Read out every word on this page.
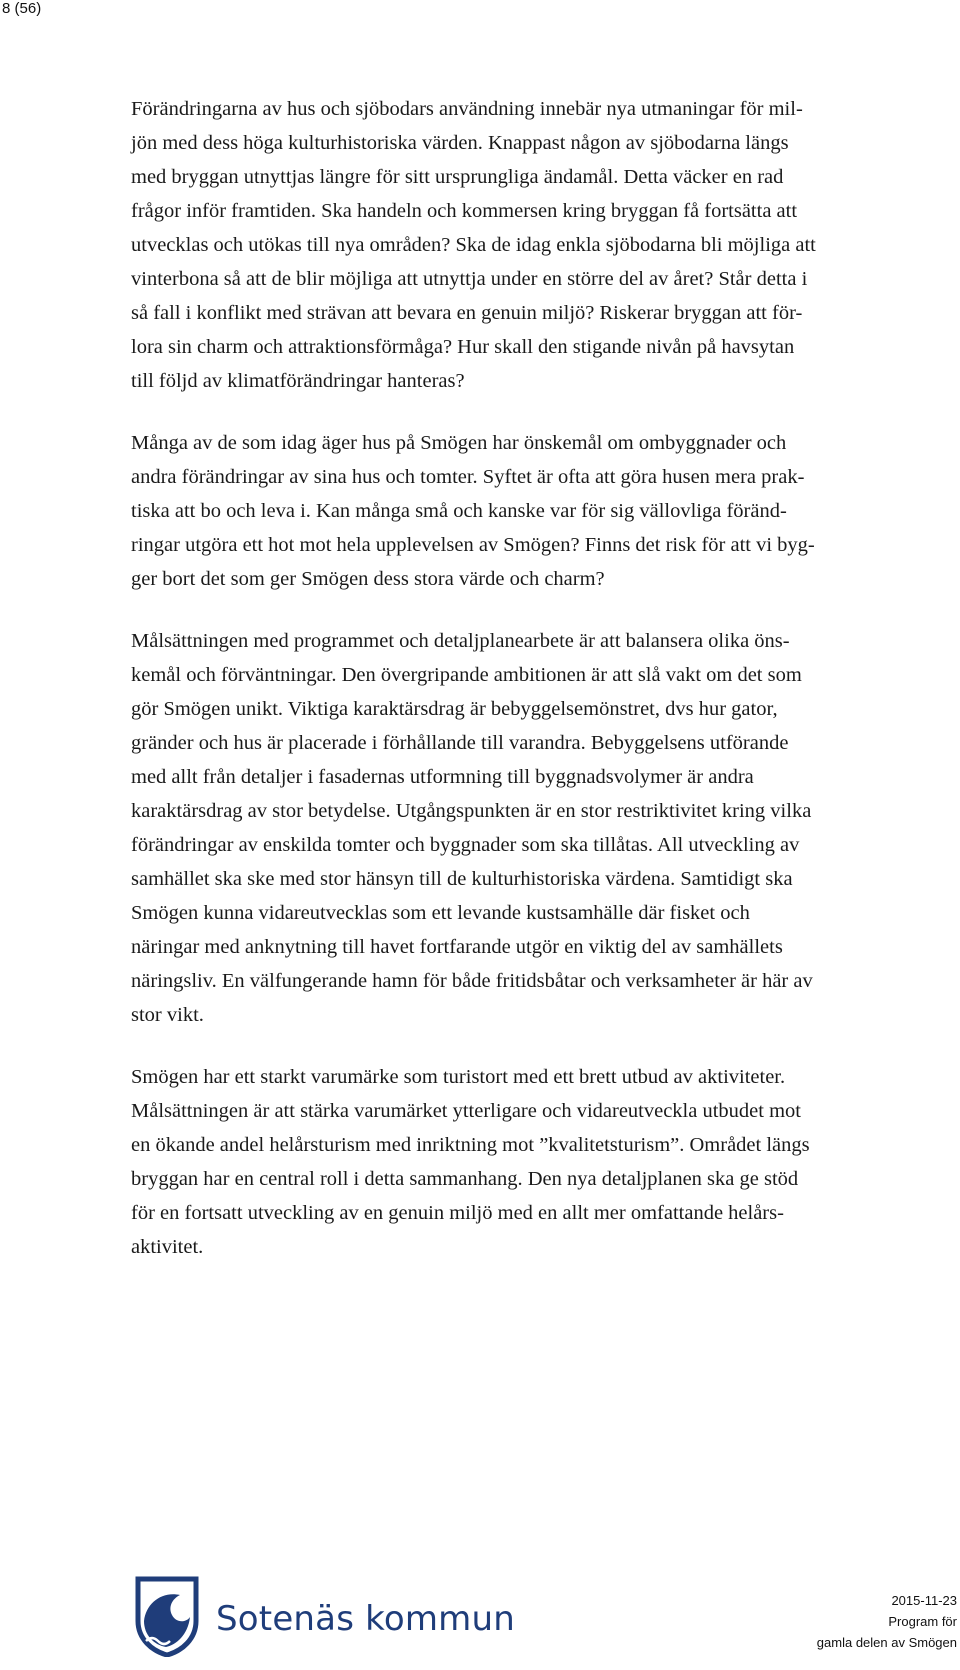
8 (56)
Förändringarna av hus och sjöbodars användning innebär nya utmaningar för mil-
jön med dess höga kulturhistoriska värden. Knappast någon av sjöbodarna längs
med bryggan utnyttjas längre för sitt ursprungliga ändamål. Detta väcker en rad
frågor inför framtiden. Ska handeln och kommersen kring bryggan få fortsätta att
utvecklas och utökas till nya områden? Ska de idag enkla sjöbodarna bli möjliga att
vinterbona så att de blir möjliga att utnyttja under en större del av året? Står detta i
så fall i konflikt med strävan att bevara en genuin miljö? Riskerar bryggan att för-
lora sin charm och attraktionsförmåga? Hur skall den stigande nivån på havsytan
till följd av klimatförändringar hanteras?
Många av de som idag äger hus på Smögen har önskemål om ombyggnader och
andra förändringar av sina hus och tomter. Syftet är ofta att göra husen mera prak-
tiska att bo och leva i. Kan många små och kanske var för sig vällovliga föränd-
ringar utgöra ett hot mot hela upplevelsen av Smögen? Finns det risk för att vi byg-
ger bort det som ger Smögen dess stora värde och charm?
Målsättningen med programmet och detaljplanearbete är att balansera olika öns-
kemål och förväntningar. Den övergripande ambitionen är att slå vakt om det som
gör Smögen unikt. Viktiga karaktärsdrag är bebyggelsemönstret, dvs hur gator,
gränder och hus är placerade i förhållande till varandra. Bebyggelsens utförande
med allt från detaljer i fasadernas utformning till byggnadsvolymer är andra
karaktärsdrag av stor betydelse. Utgångspunkten är en stor restriktivitet kring vilka
förändringar av enskilda tomter och byggnader som ska tillåtas. All utveckling av
samhället ska ske med stor hänsyn till de kulturhistoriska värdena. Samtidigt ska
Smögen kunna vidareutvecklas som ett levande kustsamhälle där fisket och
näringar med anknytning till havet fortfarande utgör en viktig del av samhällets
näringsliv. En välfungerande hamn för både fritidsbåtar och verksamheter är här av
stor vikt.
Smögen har ett starkt varumärke som turistort med ett brett utbud av aktiviteter.
Målsättningen är att stärka varumärket ytterligare och vidareutveckla utbudet mot
en ökande andel helårsturism med inriktning mot ”kvalitetsturism”. Området längs
bryggan har en central roll i detta sammanhang. Den nya detaljplanen ska ge stöd
för en fortsatt utveckling av en genuin miljö med en allt mer omfattande helårs-
aktivitet.
Sotenäs kommun	2015-11-23
Program för
gamla delen av Smögen
